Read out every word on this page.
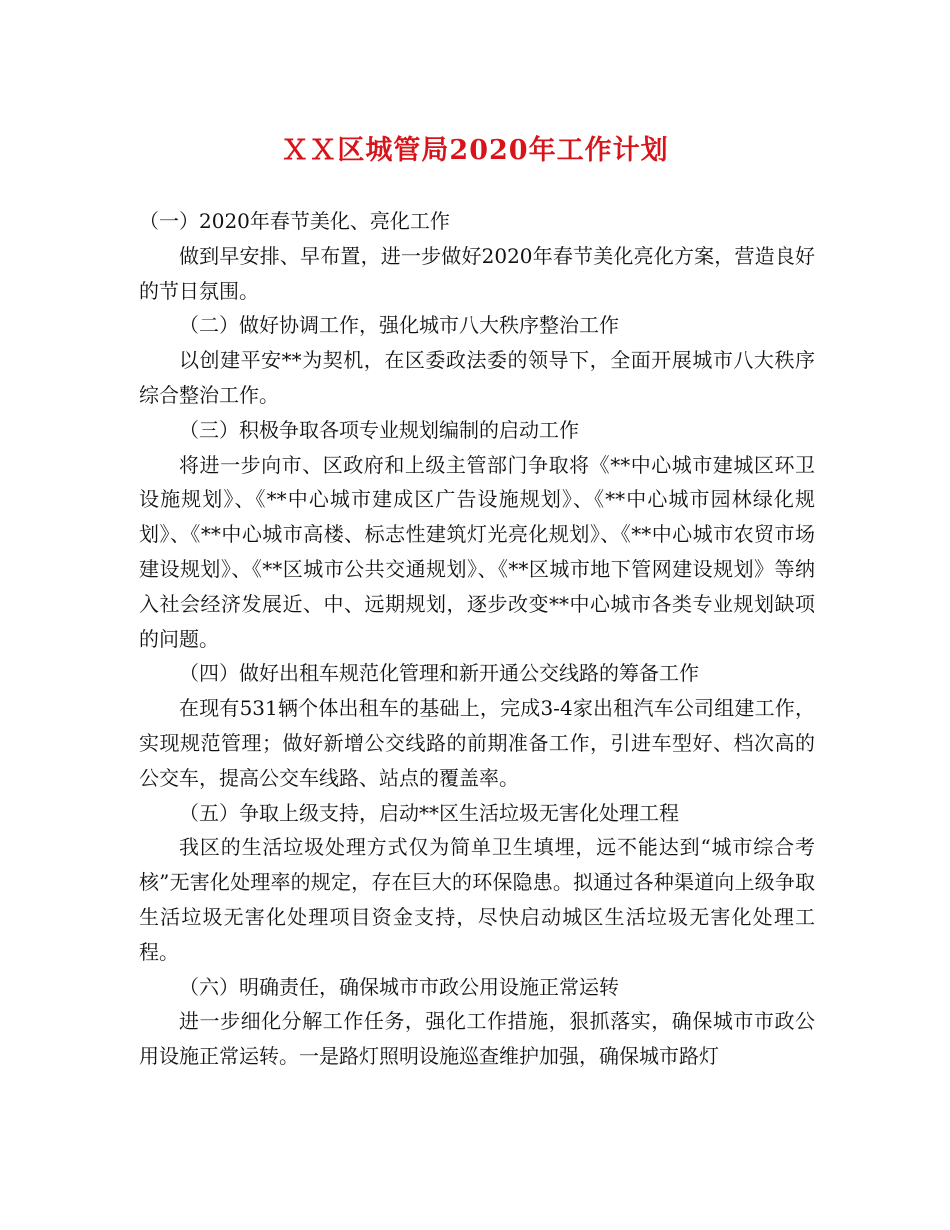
ＸＸ区城管局2020年工作计划

（一）2020年春节美化、亮化工作

做到早安排、早布置，进一步做好2020年春节美化亮化方案，营造良好的节日氛围。

（二）做好协调工作，强化城市八大秩序整治工作

以创建平安**为契机，在区委政法委的领导下，全面开展城市八大秩序综合整治工作。

（三）积极争取各项专业规划编制的启动工作

将进一步向市、区政府和上级主管部门争取将《**中心城市建城区环卫设施规划》、《**中心城市建成区广告设施规划》、《**中心城市园林绿化规划》、《**中心城市高楼、标志性建筑灯光亮化规划》、《**中心城市农贸市场建设规划》、《**区城市公共交通规划》、《**区城市地下管网建设规划》等纳入社会经济发展近、中、远期规划，逐步改变**中心城市各类专业规划缺项的问题。

（四）做好出租车规范化管理和新开通公交线路的筹备工作

在现有531辆个体出租车的基础上，完成3-4家出租汽车公司组建工作，实现规范管理；做好新增公交线路的前期准备工作，引进车型好、档次高的公交车，提高公交车线路、站点的覆盖率。

（五）争取上级支持，启动**区生活垃圾无害化处理工程

我区的生活垃圾处理方式仅为简单卫生填埋，远不能达到“城市综合考核”无害化处理率的规定，存在巨大的环保隐患。拟通过各种渠道向上级争取生活垃圾无害化处理项目资金支持，尽快启动城区生活垃圾无害化处理工程。

（六）明确责任，确保城市市政公用设施正常运转

进一步细化分解工作任务，强化工作措施，狠抓落实，确保城市市政公用设施正常运转。一是路灯照明设施巡查维护加强，确保城市路灯
